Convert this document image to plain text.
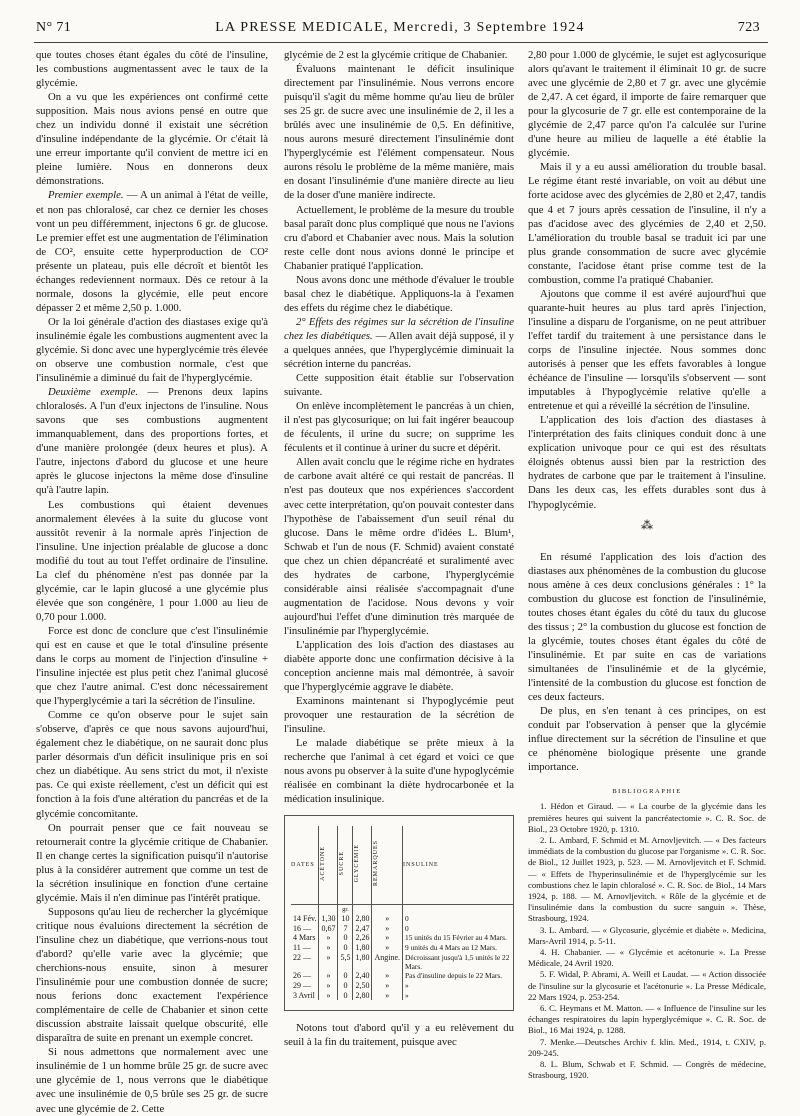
LA PRESSE MEDICALE, Mercredi, 3 Septembre 1924
N° 71	723

que toutes choses étant égales du côté de l'insuline, les combustions augmentassent avec le taux de la glycémie.

On a vu que les expériences ont confirmé cette supposition. Mais nous avions pensé en outre que chez un individu donné il existait une sécrétion d'insuline indépendante de la glycémie. Or c'était là une erreur importante qu'il convient de mettre ici en pleine lumière. Nous en donnerons deux démonstrations.

Premier exemple. — A un animal à l'état de veille, et non pas chloralosé, car chez ce dernier les choses vont un peu différemment, injectons 6 gr. de glucose. Le premier effet est une augmentation de l'élimination de CO², ensuite cette hyperproduction de CO² présente un plateau, puis elle décroît et bientôt les échanges redeviennent normaux. Dès ce retour à la normale, dosons la glycémie, elle peut encore dépasser 2 et même 2,50 p. 1.000.

Or la loi générale d'action des diastases exige qu'à insulinémie égale les combustions augmentent avec la glycémie. Si donc avec une hyperglycémie très élevée on observe une combustion normale, c'est que l'insulinémie a diminué du fait de l'hyperglycémie.

Deuxième exemple. — Prenons deux lapins chloralosés. A l'un d'eux injectons de l'insuline. Nous savons que ses combustions augmentent immanquablement, dans des proportions fortes, et d'une manière prolongée (deux heures et plus). A l'autre, injectons d'abord du glucose et une heure après le glucose injectons la même dose d'insuline qu'à l'autre lapin.

Les combustions qui étaient devenues anormalement élevées à la suite du glucose vont aussitôt revenir à la normale après l'injection de l'insuline. Une injection préalable de glucose a donc modifié du tout au tout l'effet ordinaire de l'insuline. La clef du phénomène n'est pas donnée par la glycémie, car le lapin glucosé a une glycémie plus élevée que son congénère, 1 pour 1.000 au lieu de 0,70 pour 1.000.

Force est donc de conclure que c'est l'insulinémie qui est en cause et que le total d'insuline présente dans le corps au moment de l'injection d'insuline + l'insuline injectée est plus petit chez l'animal glucosé que chez l'autre animal. C'est donc nécessairement que l'hyperglycémie a tari la sécrétion de l'insuline.

Comme ce qu'on observe pour le sujet sain s'observe, d'après ce que nous savons aujourd'hui, également chez le diabétique, on ne saurait donc plus parler désormais d'un déficit insulinique pris en soi chez un diabétique. Au sens strict du mot, il n'existe pas. Ce qui existe réellement, c'est un déficit qui est fonction à la fois d'une altération du pancréas et de la glycémie concomitante.

On pourrait penser que ce fait nouveau se retournerait contre la glycémie critique de Chabanier. Il en change certes la signification puisqu'il n'autorise plus à la considérer autrement que comme un test de la sécrétion insulinique en fonction d'une certaine glycémie. Mais il n'en diminue pas l'intérêt pratique.

Supposons qu'au lieu de rechercher la glycémique critique nous évaluions directement la sécrétion de l'insuline chez un diabétique, que verrions-nous tout d'abord? qu'elle varie avec la glycémie; que cherchions-nous ensuite, sinon à mesurer l'insulinémie pour une combustion donnée de sucre; nous ferions donc exactement l'expérience complémentaire de celle de Chabanier et sinon cette discussion abstraite laissait quelque obscurité, elle disparaîtra de suite en prenant un exemple concret.

Si nous admettons que normalement avec une insulinémie de 1 un homme brûle 25 gr. de sucre avec une glycémie de 1, nous verrons que le diabétique avec une insulinémie de 0,5 brûle ses 25 gr. de sucre avec une glycémie de 2. Cette

glycémie de 2 est la glycémie critique de Chabanier.

Évaluons maintenant le déficit insulinique directement par l'insulinémie. Nous verrons encore puisqu'il s'agit du même homme qu'au lieu de brûler ses 25 gr. de sucre avec une insulinémie de 2, il les a brûlés avec une insulinémie de 0,5. En définitive, nous aurons mesuré directement l'insulinémie dont l'hyperglycémie est l'élément compensateur. Nous aurons résolu le problème de la même manière, mais en dosant l'insulinémie d'une manière directe au lieu de la doser d'une manière indirecte.

Actuellement, le problème de la mesure du trouble basal paraît donc plus compliqué que nous ne l'avions cru d'abord et Chabanier avec nous. Mais la solution reste celle dont nous avions donné le principe et Chabanier pratiqué l'application.

Nous avons donc une méthode d'évaluer le trouble basal chez le diabétique. Appliquons-la à l'examen des effets du régime chez le diabétique.

2° Effets des régimes sur la sécrétion de l'insuline chez les diabétiques. — Allen avait déjà supposé, il y a quelques années, que l'hyperglycémie diminuait la sécrétion interne du pancréas.

Cette supposition était établie sur l'observation suivante.

On enlève incomplètement le pancréas à un chien, il n'est pas glycosurique; on lui fait ingérer beaucoup de féculents, il urine du sucre; on supprime les féculents et il continue à uriner du sucre et dépérit.

Allen avait conclu que le régime riche en hydrates de carbone avait altéré ce qui restait de pancréas. Il n'est pas douteux que nos expériences s'accordent avec cette interprétation, qu'on pouvait contester dans l'hypothèse de l'abaissement d'un seuil rénal du glucose. Dans le même ordre d'idées L. Blum¹, Schwab et l'un de nous (F. Schmid) avaient constaté que chez un chien dépancréaté et suralimenté avec des hydrates de carbone, l'hyperglycémie considérable ainsi réalisée s'accompagnait d'une augmentation de l'acidose. Nous devons y voir aujourd'hui l'effet d'une diminution très marquée de l'insulinémie par l'hyperglycémie.

L'application des lois d'action des diastases au diabète apporte donc une confirmation décisive à la conception ancienne mais mal démontrée, à savoir que l'hyperglycémie aggrave le diabète.

Examinons maintenant si l'hypoglycémie peut provoquer une restauration de la sécrétion de l'insuline.

Le malade diabétique se prête mieux à la recherche que l'animal à cet égard et voici ce que nous avons pu observer à la suite d'une hypoglycémie réalisée en combinant la diète hydrocarbonée et la médication insulinique.

DATES	ACÉTONE	SUCRE	GLYCÉMIE	REMARQUES	INSULINE
		gr.			
14 Fév.	1,30	10	2,80	»	0
16 —	0,67	7	2,47	»	0
4 Mars	»	0	2,26	»	15 unités du 15 Février au 4 Mars.
11 —	»	0	1,80	»	9 unités du 4 Mars au 12 Mars.
22 —	»	5,5	1,80	Angine.	Décroissant jusqu'à 1,5 unités le 22 Mars.
26 —	»	0	2,40	»	Pas d'insuline depuis le 22 Mars.
29 —	»	0	2,50	»	»
3 Avril	»	0	2,80	»	»

Notons tout d'abord qu'il y a eu relèvement du seuil à la fin du traitement, puisque avec

2,80 pour 1.000 de glycémie, le sujet est aglycosurique alors qu'avant le traitement il éliminait 10 gr. de sucre avec une glycémie de 2,80 et 7 gr. avec une glycémie de 2,47. A cet égard, il importe de faire remarquer que pour la glycosurie de 7 gr. elle est contemporaine de la glycémie de 2,47 parce qu'on l'a calculée sur l'urine d'une heure au milieu de laquelle a été établie la glycémie.

Mais il y a eu aussi amélioration du trouble basal. Le régime étant resté invariable, on voit au début une forte acidose avec des glycémies de 2,80 et 2,47, tandis que 4 et 7 jours après cessation de l'insuline, il n'y a pas d'acidose avec des glycémies de 2,40 et 2,50. L'amélioration du trouble basal se traduit ici par une plus grande consommation de sucre avec glycémie constante, l'acidose étant prise comme test de la combustion, comme l'a pratiqué Chabanier.

Ajoutons que comme il est avéré aujourd'hui que quarante-huit heures au plus tard après l'injection, l'insuline a disparu de l'organisme, on ne peut attribuer l'effet tardif du traitement à une persistance dans le corps de l'insuline injectée. Nous sommes donc autorisés à penser que les effets favorables à longue échéance de l'insuline — lorsqu'ils s'observent — sont imputables à l'hypoglycémie relative qu'elle a entretenue et qui a réveillé la sécrétion de l'insuline.

L'application des lois d'action des diastases à l'interprétation des faits cliniques conduit donc à une explication univoque pour ce qui est des résultats éloignés obtenus aussi bien par la restriction des hydrates de carbone que par le traitement à l'insuline. Dans les deux cas, les effets durables sont dus à l'hypoglycémie.

⁂

En résumé l'application des lois d'action des diastases aux phénomènes de la combustion du glucose nous amène à ces deux conclusions générales : 1° la combustion du glucose est fonction de l'insulinémie, toutes choses étant égales du côté du taux du glucose des tissus ; 2° la combustion du glucose est fonction de la glycémie, toutes choses étant égales du côté de l'insulinémie. Et par suite en cas de variations simultanées de l'insulinémie et de la glycémie, l'intensité de la combustion du glucose est fonction de ces deux facteurs.

De plus, en s'en tenant à ces principes, on est conduit par l'observation à penser que la glycémie influe directement sur la sécrétion de l'insuline et que ce phénomène biologique présente une grande importance.

BIBLIOGRAPHIE

1. Hédon et Giraud. — « La courbe de la glycémie dans les premières heures qui suivent la pancréatectomie ». C. R. Soc. de Biol., 23 Octobre 1920, p. 1310.

2. L. Ambard, F. Schmid et M. Arnovljevitch. — « Des facteurs immédiats de la combustion du glucose par l'organisme ». C. R. Soc. de Biol., 12 Juillet 1923, p. 523. — M. Arnovljevitch et F. Schmid. — « Effets de l'hyperinsulinémie et de l'hyperglycémie sur les combustions chez le lapin chloralosé ». C. R. Soc. de Biol., 14 Mars 1924, p. 188. — M. Arnovljevitch. « Rôle de la glycémie et de l'insulinémie dans la combustion du sucre sanguin ». Thèse, Strasbourg, 1924.

3. L. Ambard. — « Glycosurie, glycémie et diabète ». Medicina, Mars-Avril 1914, p. 5-11.

4. H. Chabanier. — « Glycémie et acétonurie ». La Presse Médicale, 24 Avril 1920.

5. F. Widal, P. Abrami, A. Weill et Laudat. — « Action dissociée de l'insuline sur la glycosurie et l'acétonurie ». La Presse Médicale, 22 Mars 1924, p. 253-254.

6. C. Heymans et M. Matton. — « Influence de l'insuline sur les échanges respiratoires du lapin hyperglycémique ». C. R. Soc. de Biol., 16 Mai 1924, p. 1288.

7. Menke.—Deutsches Archiv f. klin. Med., 1914, t. CXIV, p. 209-245.

8. L. Blum, Schwab et F. Schmid. — Congrès de médecine, Strasbourg, 1920.
